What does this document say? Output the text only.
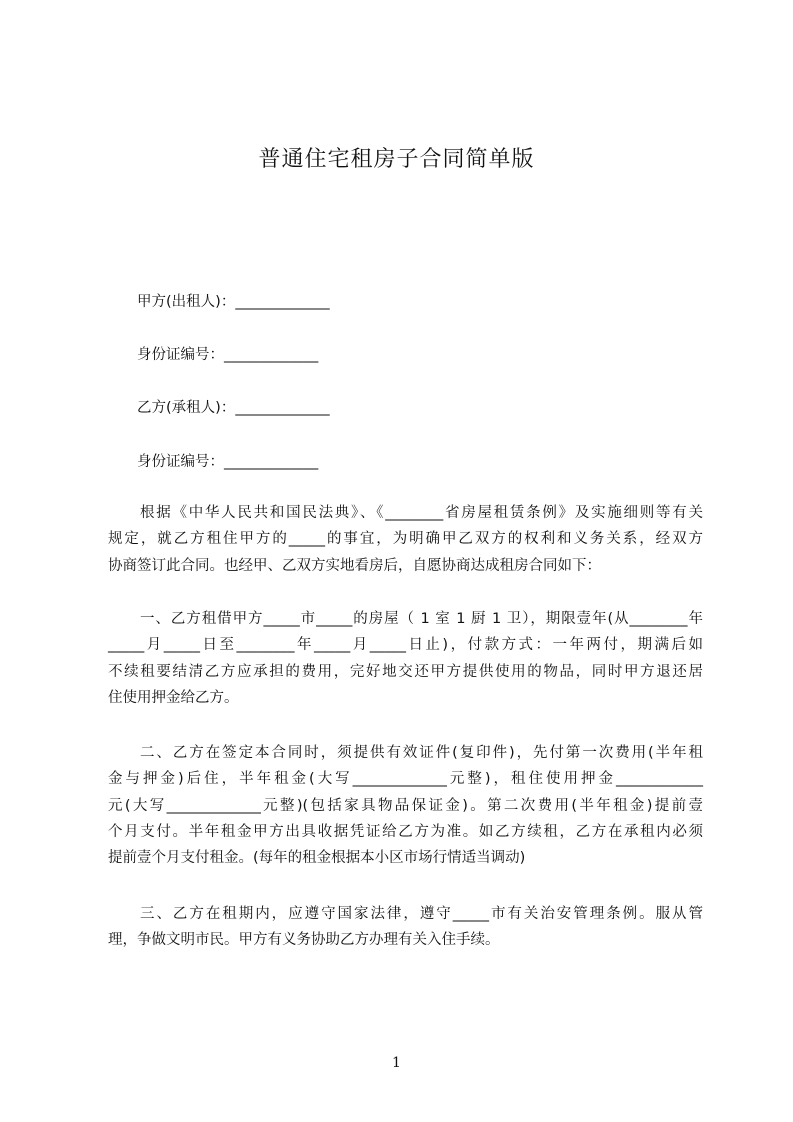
普通住宅租房子合同简单版
甲方(出租人)：_____________
身份证编号：_____________
乙方(承租人)：_____________
身份证编号：_____________

根据《中华人民共和国民法典》、《________省房屋租赁条例》及实施细则等有关

规定，就乙方租住甲方的_____的事宜，为明确甲乙双方的权利和义务关系，经双方

协商签订此合同。也经甲、乙双方实地看房后，自愿协商达成租房合同如下：

一、乙方租借甲方_____市_____的房屋（ 1 室 1 厨 1 卫），期限壹年(从________年

_____月_____日至________年_____月_____日止)，付款方式：一年两付，期满后如

不续租要结清乙方应承担的费用，完好地交还甲方提供使用的物品，同时甲方退还居

住使用押金给乙方。

二、乙方在签定本合同时，须提供有效证件(复印件)，先付第一次费用(半年租

金与押金)后住，半年租金(大写_____________元整)，租住使用押金____________

元(大写_____________元整)(包括家具物品保证金)。第二次费用(半年租金)提前壹

个月支付。半年租金甲方出具收据凭证给乙方为准。如乙方续租，乙方在承租内必须

提前壹个月支付租金。(每年的租金根据本小区市场行情适当调动)

三、乙方在租期内，应遵守国家法律，遵守_____市有关治安管理条例。服从管

理，争做文明市民。甲方有义务协助乙方办理有关入住手续。

1
